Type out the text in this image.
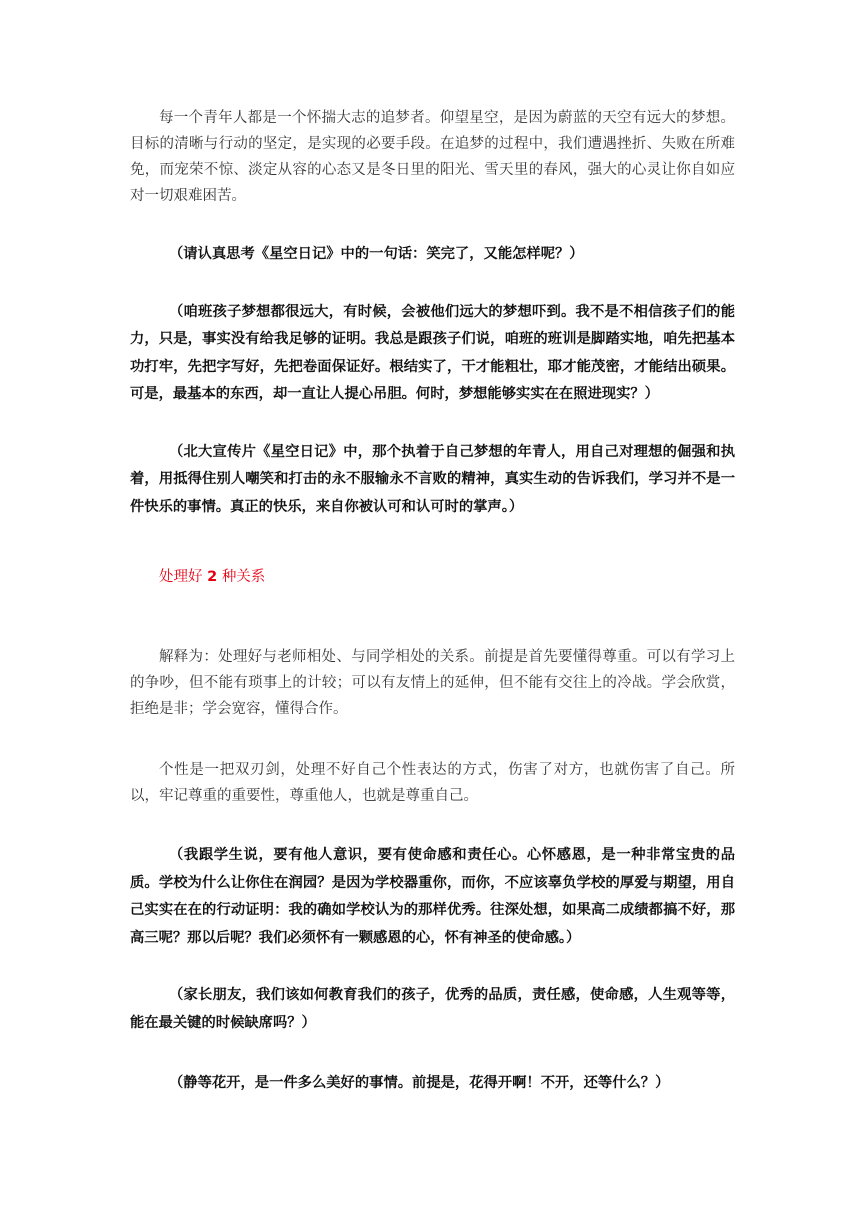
每一个青年人都是一个怀揣大志的追梦者。仰望星空，是因为蔚蓝的天空有远大的梦想。目标的清晰与行动的坚定，是实现的必要手段。在追梦的过程中，我们遭遇挫折、失败在所难免，而宠荣不惊、淡定从容的心态又是冬日里的阳光、雪天里的春风，强大的心灵让你自如应对一切艰难困苦。

（请认真思考《星空日记》中的一句话：笑完了，又能怎样呢？）

（咱班孩子梦想都很远大，有时候，会被他们远大的梦想吓到。我不是不相信孩子们的能力，只是，事实没有给我足够的证明。我总是跟孩子们说，咱班的班训是脚踏实地，咱先把基本功打牢，先把字写好，先把卷面保证好。根结实了，干才能粗壮，耶才能茂密，才能结出硕果。可是，最基本的东西，却一直让人提心吊胆。何时，梦想能够实实在在照进现实？）

（北大宣传片《星空日记》中，那个执着于自己梦想的年青人，用自己对理想的倔强和执着，用抵得住别人嘲笑和打击的永不服输永不言败的精神，真实生动的告诉我们，学习并不是一件快乐的事情。真正的快乐，来自你被认可和认可时的掌声。）

处理好 2 种关系

解释为：处理好与老师相处、与同学相处的关系。前提是首先要懂得尊重。可以有学习上的争吵，但不能有琐事上的计较；可以有友情上的延伸，但不能有交往上的冷战。学会欣赏，拒绝是非；学会宽容，懂得合作。

个性是一把双刃剑，处理不好自己个性表达的方式，伤害了对方，也就伤害了自己。所以，牢记尊重的重要性，尊重他人，也就是尊重自己。

（我跟学生说，要有他人意识，要有使命感和责任心。心怀感恩，是一种非常宝贵的品质。学校为什么让你住在润园？是因为学校器重你，而你，不应该辜负学校的厚爱与期望，用自己实实在在的行动证明：我的确如学校认为的那样优秀。往深处想，如果高二成绩都搞不好，那高三呢？那以后呢？我们必须怀有一颗感恩的心，怀有神圣的使命感。）

（家长朋友，我们该如何教育我们的孩子，优秀的品质，责任感，使命感，人生观等等，能在最关键的时候缺席吗？）

（静等花开，是一件多么美好的事情。前提是，花得开啊！不开，还等什么？）
